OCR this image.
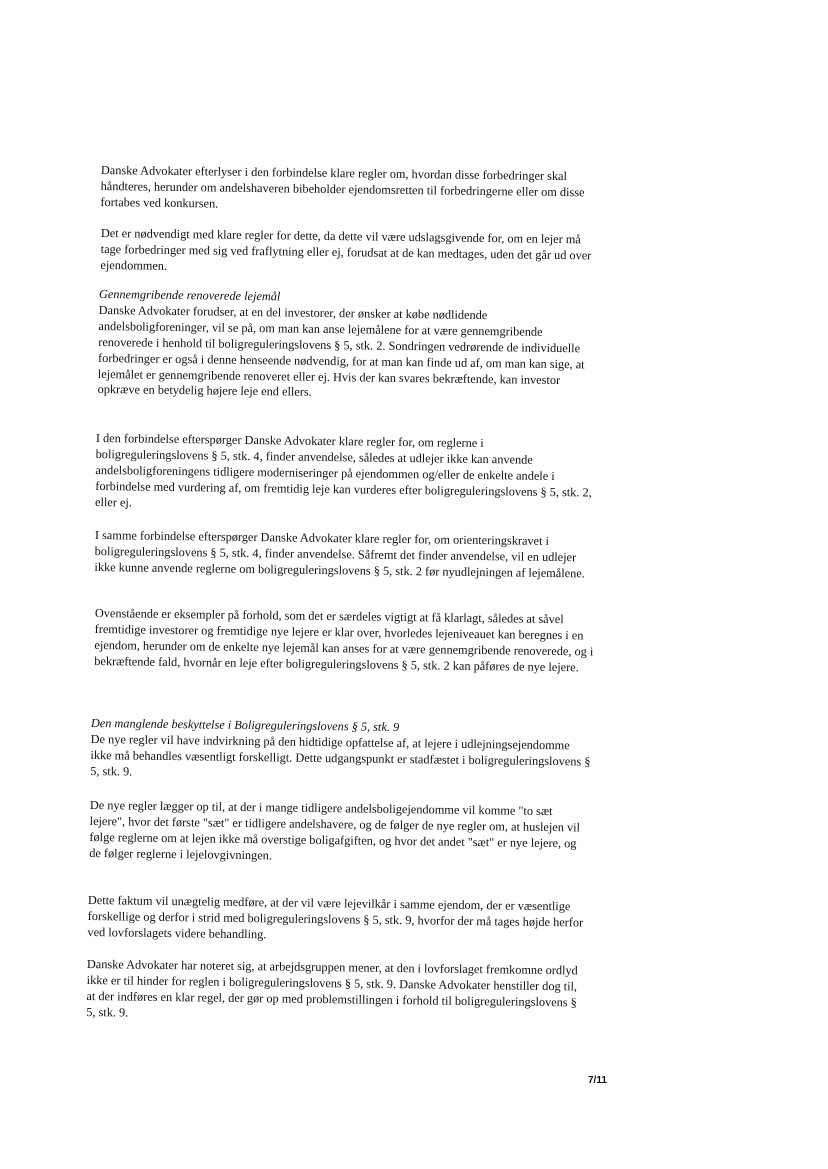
Danske Advokater efterlyser i den forbindelse klare regler om, hvordan disse forbedringer skal håndteres, herunder om andelshaveren bibeholder ejendomsretten til forbedringerne eller om disse fortabes ved konkursen.

Det er nødvendigt med klare regler for dette, da dette vil være udslagsgivende for, om en lejer må tage forbedringer med sig ved fraflytning eller ej, forudsat at de kan medtages, uden det går ud over ejendommen.

Gennemgribende renoverede lejemål

Danske Advokater forudser, at en del investorer, der ønsker at købe nødlidende andelsboligforeninger, vil se på, om man kan anse lejemålene for at være gennemgribende renoverede i henhold til boligreguleringslovens § 5, stk. 2. Sondringen vedrørende de individuelle forbedringer er også i denne henseende nødvendig, for at man kan finde ud af, om man kan sige, at lejemålet er gennemgribende renoveret eller ej. Hvis der kan svares bekræftende, kan investor opkræve en betydelig højere leje end ellers.

I den forbindelse efterspørger Danske Advokater klare regler for, om reglerne i boligreguleringslovens § 5, stk. 4, finder anvendelse, således at udlejer ikke kan anvende andelsboligforeningens tidligere moderniseringer på ejendommen og/eller de enkelte andele i forbindelse med vurdering af, om fremtidig leje kan vurderes efter boligreguleringslovens § 5, stk. 2, eller ej.

I samme forbindelse efterspørger Danske Advokater klare regler for, om orienteringskravet i boligreguleringslovens § 5, stk. 4, finder anvendelse. Såfremt det finder anvendelse, vil en udlejer ikke kunne anvende reglerne om boligreguleringslovens § 5, stk. 2 før nyudlejningen af lejemålene.

Ovenstående er eksempler på forhold, som det er særdeles vigtigt at få klarlagt, således at såvel fremtidige investorer og fremtidige nye lejere er klar over, hvorledes lejeniveauet kan beregnes i en ejendom, herunder om de enkelte nye lejemål kan anses for at være gennemgribende renoverede, og i bekræftende fald, hvornår en leje efter boligreguleringslovens § 5, stk. 2 kan påføres de nye lejere.

Den manglende beskyttelse i Boligreguleringslovens § 5, stk. 9

De nye regler vil have indvirkning på den hidtidige opfattelse af, at lejere i udlejningsejendomme ikke må behandles væsentligt forskelligt. Dette udgangspunkt er stadfæstet i boligreguleringslovens § 5, stk. 9.

De nye regler lægger op til, at der i mange tidligere andelsboligejendomme vil komme "to sæt lejere", hvor det første "sæt" er tidligere andelshavere, og de følger de nye regler om, at huslejen vil følge reglerne om at lejen ikke må overstige boligafgiften, og hvor det andet "sæt" er nye lejere, og de følger reglerne i lejelovgivningen.

Dette faktum vil unægtelig medføre, at der vil være lejevilkår i samme ejendom, der er væsentlige forskellige og derfor i strid med boligreguleringslovens § 5, stk. 9, hvorfor der må tages højde herfor ved lovforslagets videre behandling.

Danske Advokater har noteret sig, at arbejdsgruppen mener, at den i lovforslaget fremkomne ordlyd ikke er til hinder for reglen i boligreguleringslovens § 5, stk. 9. Danske Advokater henstiller dog til, at der indføres en klar regel, der gør op med problemstillingen i forhold til boligreguleringslovens § 5, stk. 9.

7/11
